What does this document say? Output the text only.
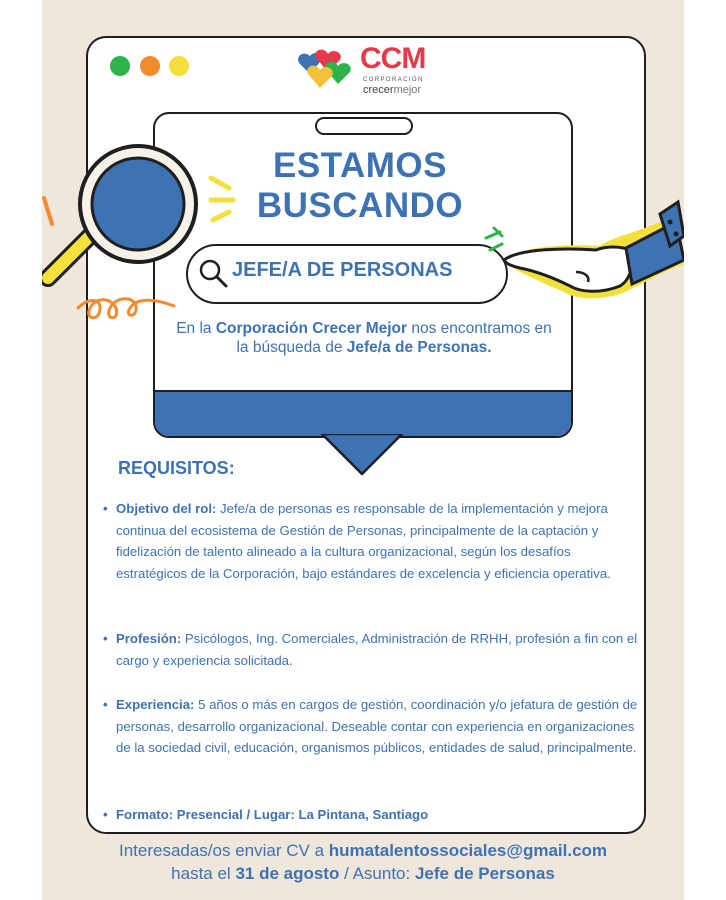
CCM
CORPORACIÓN
crecermejor
ESTAMOS
BUSCANDO
JEFE/A DE PERSONAS
En la Corporación Crecer Mejor nos encontramos en la búsqueda de Jefe/a de Personas.
REQUISITOS:
• Objetivo del rol: Jefe/a de personas es responsable de la implementación y mejora continua del ecosistema de Gestión de Personas, principalmente de la captación y fidelización de talento alineado a la cultura organizacional, según los desafíos estratégicos de la Corporación, bajo estándares de excelencia y eficiencia operativa.
• Profesión: Psicólogos, Ing. Comerciales, Administración de RRHH, profesión a fin con el cargo y experiencia solicitada.
• Experiencia: 5 años o más en cargos de gestión, coordinación y/o jefatura de gestión de personas, desarrollo organizacional. Deseable contar con experiencia en organizaciones de la sociedad civil, educación, organismos públicos, entidades de salud, principalmente.
• Formato: Presencial / Lugar: La Pintana, Santiago
Interesadas/os enviar CV a humatalentossociales@gmail.com
hasta el 31 de agosto / Asunto: Jefe de Personas
